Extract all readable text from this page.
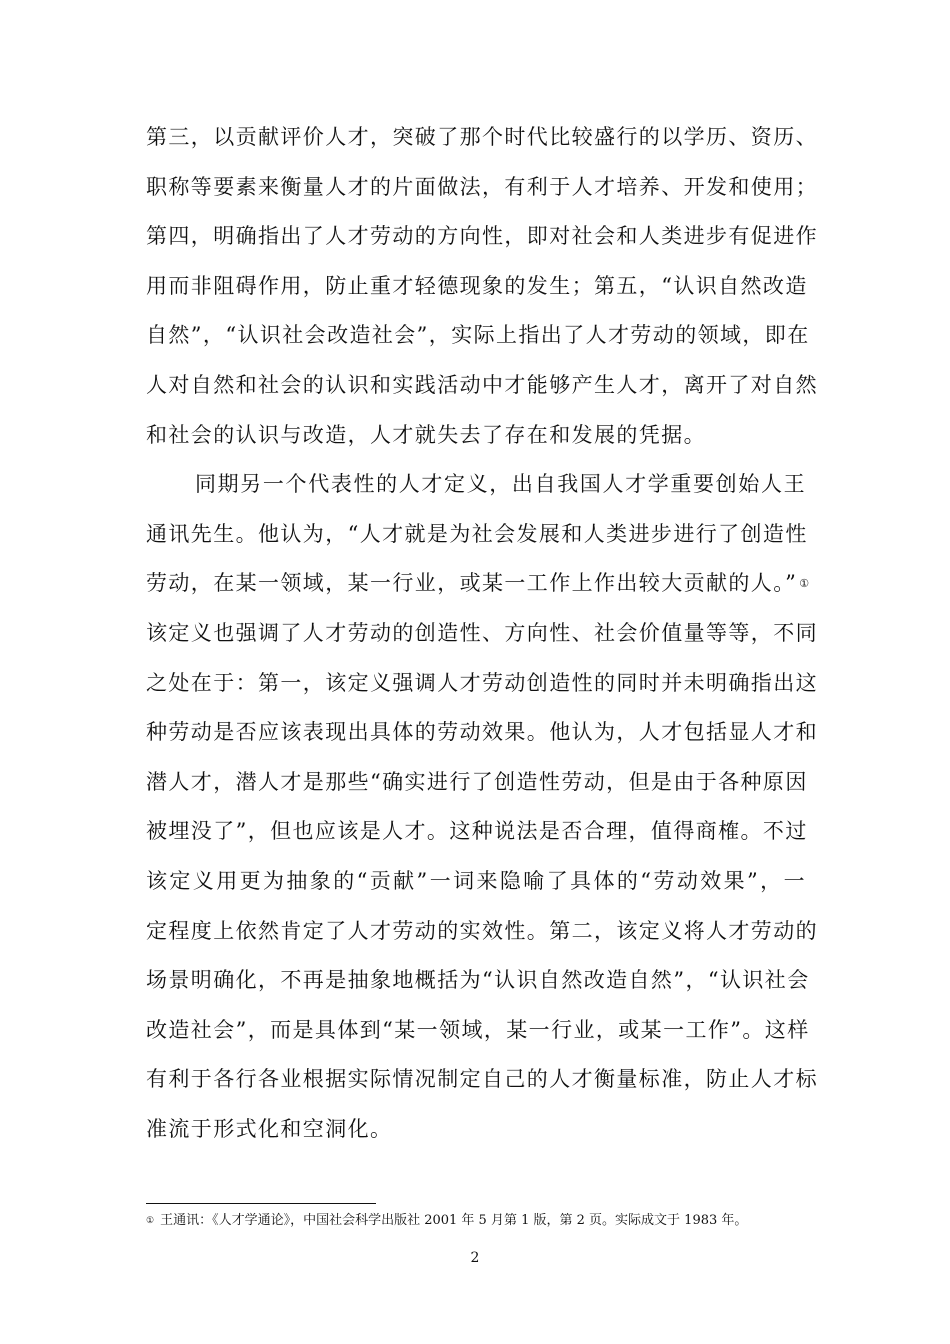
第三，以贡献评价人才，突破了那个时代比较盛行的以学历、资历、
职称等要素来衡量人才的片面做法，有利于人才培养、开发和使用；
第四，明确指出了人才劳动的方向性，即对社会和人类进步有促进作
用而非阻碍作用，防止重才轻德现象的发生；第五，“认识自然改造
自然”，“认识社会改造社会”，实际上指出了人才劳动的领域，即在
人对自然和社会的认识和实践活动中才能够产生人才，离开了对自然
和社会的认识与改造，人才就失去了存在和发展的凭据。
同期另一个代表性的人才定义，出自我国人才学重要创始人王
通讯先生。他认为，“人才就是为社会发展和人类进步进行了创造性
劳动，在某一领域，某一行业，或某一工作上作出较大贡献的人。” ①
该定义也强调了人才劳动的创造性、方向性、社会价值量等等，不同
之处在于：第一，该定义强调人才劳动创造性的同时并未明确指出这
种劳动是否应该表现出具体的劳动效果。他认为，人才包括显人才和
潜人才，潜人才是那些“确实进行了创造性劳动，但是由于各种原因
被埋没了”，但也应该是人才。这种说法是否合理，值得商榷。不过
该定义用更为抽象的“贡献”一词来隐喻了具体的“劳动效果”，一
定程度上依然肯定了人才劳动的实效性。第二，该定义将人才劳动的
场景明确化，不再是抽象地概括为“认识自然改造自然”，“认识社会
改造社会”，而是具体到“某一领域，某一行业，或某一工作”。这样
有利于各行各业根据实际情况制定自己的人才衡量标准，防止人才标
准流于形式化和空洞化。
① 王通讯：《人才学通论》，中国社会科学出版社 2001 年 5 月第 1 版，第 2 页。实际成文于 1983 年。
2
